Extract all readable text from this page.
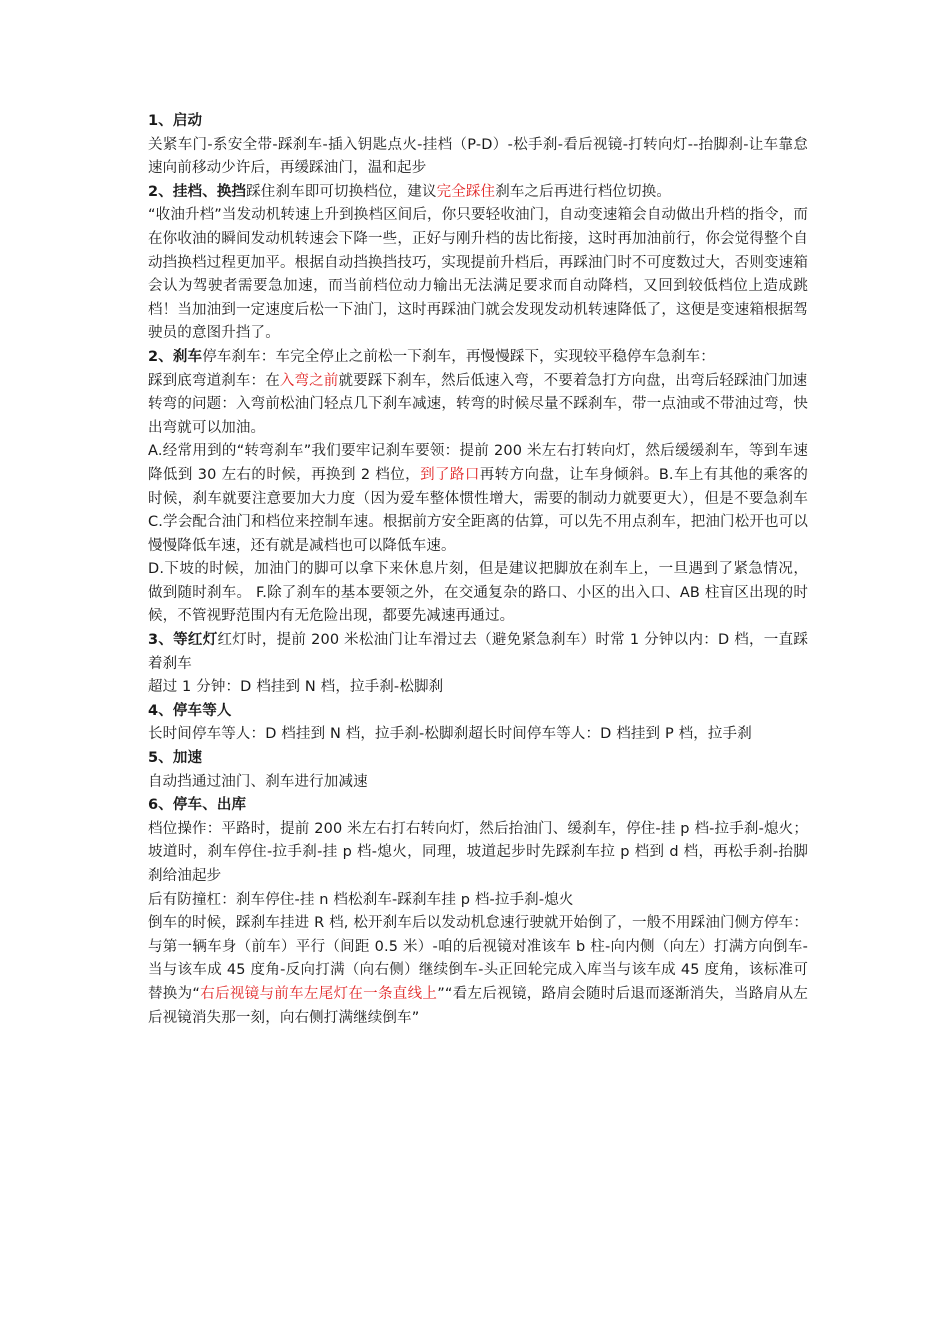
1、启动

关紧车门-系安全带-踩刹车-插入钥匙点火-挂档（P-D）-松手刹-看后视镜-打转向灯--抬脚刹-让车靠怠速向前移动少许后，再缓踩油门，温和起步

2、挂档、换挡踩住刹车即可切换档位，建议完全踩住刹车之后再进行档位切换。

“收油升档”当发动机转速上升到换档区间后，你只要轻收油门，自动变速箱会自动做出升档的指令，而在你收油的瞬间发动机转速会下降一些，正好与刚升档的齿比衔接，这时再加油前行，你会觉得整个自动挡换档过程更加平。根据自动挡换挡技巧，实现提前升档后，再踩油门时不可度数过大，否则变速箱会认为驾驶者需要急加速，而当前档位动力输出无法满足要求而自动降档，又回到较低档位上造成跳档！当加油到一定速度后松一下油门，这时再踩油门就会发现发动机转速降低了，这便是变速箱根据驾驶员的意图升挡了。

2、刹车停车刹车：车完全停止之前松一下刹车，再慢慢踩下，实现较平稳停车急刹车：

踩到底弯道刹车：在入弯之前就要踩下刹车，然后低速入弯，不要着急打方向盘，出弯后轻踩油门加速

转弯的问题：入弯前松油门轻点几下刹车减速，转弯的时候尽量不踩刹车，带一点油或不带油过弯，快出弯就可以加油。

A.经常用到的“转弯刹车”我们要牢记刹车要领：提前 200 米左右打转向灯，然后缓缓刹车，等到车速降低到 30 左右的时候，再换到 2 档位，到了路口再转方向盘，让车身倾斜。B.车上有其他的乘客的时候，刹车就要注意要加大力度（因为爱车整体惯性增大，需要的制动力就要更大），但是不要急刹车 C.学会配合油门和档位来控制车速。根据前方安全距离的估算，可以先不用点刹车，把油门松开也可以慢慢降低车速，还有就是减档也可以降低车速。

D.下坡的时候，加油门的脚可以拿下来休息片刻，但是建议把脚放在刹车上，一旦遇到了紧急情况，做到随时刹车。 F.除了刹车的基本要领之外，在交通复杂的路口、小区的出入口、AB 柱盲区出现的时候，不管视野范围内有无危险出现，都要先减速再通过。

3、等红灯红灯时，提前 200 米松油门让车滑过去（避免紧急刹车）时常 1 分钟以内：D 档，一直踩着刹车

超过 1 分钟：D 档挂到 N 档，拉手刹-松脚刹

4、停车等人

长时间停车等人：D 档挂到 N 档，拉手刹-松脚刹超长时间停车等人：D 档挂到 P 档，拉手刹

5、加速

自动挡通过油门、刹车进行加减速

6、停车、出库

档位操作：平路时，提前 200 米左右打右转向灯，然后抬油门、缓刹车，停住-挂 p 档-拉手刹-熄火；坡道时，刹车停住-拉手刹-挂 p 档-熄火，同理，坡道起步时先踩刹车拉 p 档到 d 档，再松手刹-抬脚刹给油起步

后有防撞杠：刹车停住-挂 n 档松刹车-踩刹车挂 p 档-拉手刹-熄火

倒车的时候，踩刹车挂进 R 档, 松开刹车后以发动机怠速行驶就开始倒了，一般不用踩油门侧方停车：与第一辆车身（前车）平行（间距 0.5 米）-咱的后视镜对准该车 b 柱-向内侧（向左）打满方向倒车-当与该车成 45 度角-反向打满（向右侧）继续倒车-头正回轮完成入库当与该车成 45 度角，该标准可替换为“右后视镜与前车左尾灯在一条直线上”“看左后视镜，路肩会随时后退而逐渐消失，当路肩从左后视镜消失那一刻，向右侧打满继续倒车”
